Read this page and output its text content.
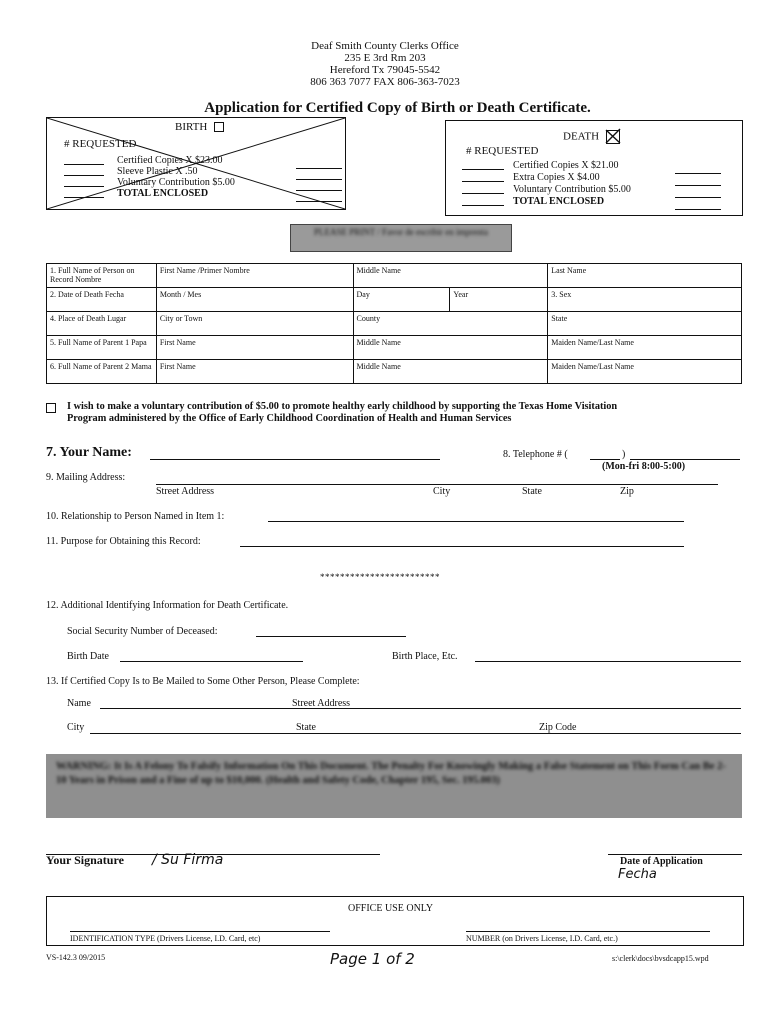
Deaf Smith County Clerks Office
235 E 3rd Rm 203
Hereford Tx 79045-5542
806 363 7077 FAX 806-363-7023
Application for Certified Copy of Birth or Death Certificate.
BIRTH
# REQUESTED
Certified Copies X $23.00
Sleeve Plastic X .50
Voluntary Contribution $5.00
TOTAL ENCLOSED
DEATH
# REQUESTED
Certified Copies X $21.00
Extra Copies X $4.00
Voluntary Contribution $5.00
TOTAL ENCLOSED
PLEASE PRINT / Favor de escribir en imprenta
1. Full Name of Person on Record Nombre	First Name /Primer Nombre	Middle Name		Last Name
2. Date of Death Fecha	Month / Mes	Day	Year	3. Sex
4. Place of Death Lugar	City or Town	County		State
5. Full Name of Parent 1 Papa	First Name	Middle Name		Maiden Name/Last Name
6. Full Name of Parent 2 Mama	First Name	Middle Name		Maiden Name/Last Name
I wish to make a voluntary contribution of $5.00 to promote healthy early childhood by supporting the Texas Home Visitation
Program administered by the Office of Early Childhood Coordination of Health and Human Services
7. Your Name:	8. Telephone # (	)
(Mon-fri 8:00-5:00)
9. Mailing Address:
Street Address	City	State	Zip
10. Relationship to Person Named in Item 1:
11. Purpose for Obtaining this Record:
************************
12. Additional Identifying Information for Death Certificate.
Social Security Number of Deceased:
Birth Date	Birth Place, Etc.
13. If Certified Copy Is to Be Mailed to Some Other Person, Please Complete:
Name	Street Address
City	State	Zip Code
WARNING: It Is A Felony To Falsify Information On This Document. The Penalty For Knowingly Making a False Statement on This Form Can Be 2-10 Years in Prison and a Fine of up to $10,000. (Health and Safety Code, Chapter 195, Sec. 195.003)
Your Signature / Su Firma	Date of Application
Fecha
OFFICE USE ONLY
IDENTIFICATION TYPE (Drivers License, I.D. Card, etc)	NUMBER (on Drivers License, I.D. Card, etc.)
VS-142.3 09/2015	Page 1 of 2	s:\clerk\docs\bvsdcapp15.wpd
